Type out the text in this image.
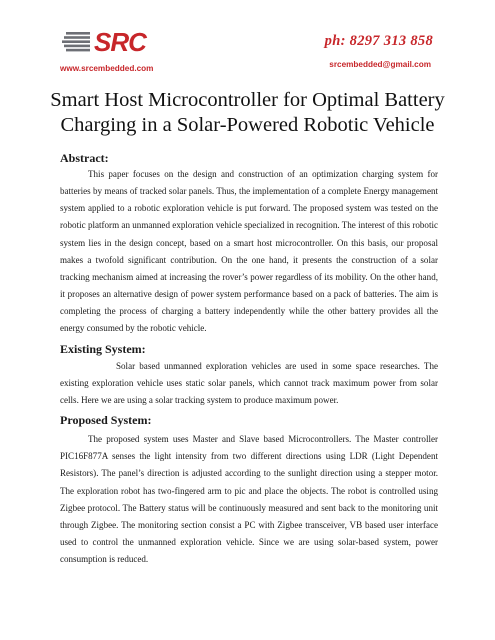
SRC	ph: 8297 313 858
www.srcembedded.com	srcembedded@gmail.com
Smart Host Microcontroller for Optimal Battery Charging in a Solar-Powered Robotic Vehicle
Abstract:

This paper focuses on the design and construction of an optimization charging system for batteries by means of tracked solar panels. Thus, the implementation of a complete Energy management system applied to a robotic exploration vehicle is put forward. The proposed system was tested on the robotic platform an unmanned exploration vehicle specialized in recognition. The interest of this robotic system lies in the design concept, based on a smart host microcontroller. On this basis, our proposal makes a twofold significant contribution. On the one hand, it presents the construction of a solar tracking mechanism aimed at increasing the rover’s power regardless of its mobility. On the other hand, it proposes an alternative design of power system performance based on a pack of batteries. The aim is completing the process of charging a battery independently while the other battery provides all the energy consumed by the robotic vehicle.

Existing System:

Solar based unmanned exploration vehicles are used in some space researches. The existing exploration vehicle uses static solar panels, which cannot track maximum power from solar cells. Here we are using a solar tracking system to produce maximum power.

Proposed System:

The proposed system uses Master and Slave based Microcontrollers. The Master controller PIC16F877A senses the light intensity from two different directions using LDR (Light Dependent Resistors). The panel’s direction is adjusted according to the sunlight direction using a stepper motor. The exploration robot has two-fingered arm to pic and place the objects. The robot is controlled using Zigbee protocol. The Battery status will be continuously measured and sent back to the monitoring unit through Zigbee. The monitoring section consist a PC with Zigbee transceiver, VB based user interface used to control the unmanned exploration vehicle. Since we are using solar-based system, power consumption is reduced.
